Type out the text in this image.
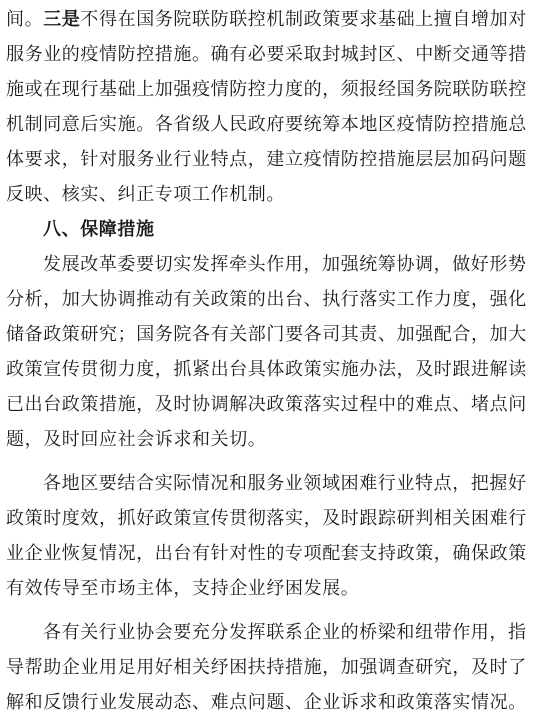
间。三是不得在国务院联防联控机制政策要求基础上擅自增加对
服务业的疫情防控措施。确有必要采取封城封区、中断交通等措
施或在现行基础上加强疫情防控力度的，须报经国务院联防联控
机制同意后实施。各省级人民政府要统筹本地区疫情防控措施总
体要求，针对服务业行业特点，建立疫情防控措施层层加码问题
反映、核实、纠正专项工作机制。
八、保障措施
发展改革委要切实发挥牵头作用，加强统筹协调，做好形势
分析，加大协调推动有关政策的出台、执行落实工作力度，强化
储备政策研究；国务院各有关部门要各司其责、加强配合，加大
政策宣传贯彻力度，抓紧出台具体政策实施办法，及时跟进解读
已出台政策措施，及时协调解决政策落实过程中的难点、堵点问
题，及时回应社会诉求和关切。
各地区要结合实际情况和服务业领域困难行业特点，把握好
政策时度效，抓好政策宣传贯彻落实，及时跟踪研判相关困难行
业企业恢复情况，出台有针对性的专项配套支持政策，确保政策
有效传导至市场主体，支持企业纾困发展。
各有关行业协会要充分发挥联系企业的桥梁和纽带作用，指
导帮助企业用足用好相关纾困扶持措施，加强调查研究，及时了
解和反馈行业发展动态、难点问题、企业诉求和政策落实情况。
